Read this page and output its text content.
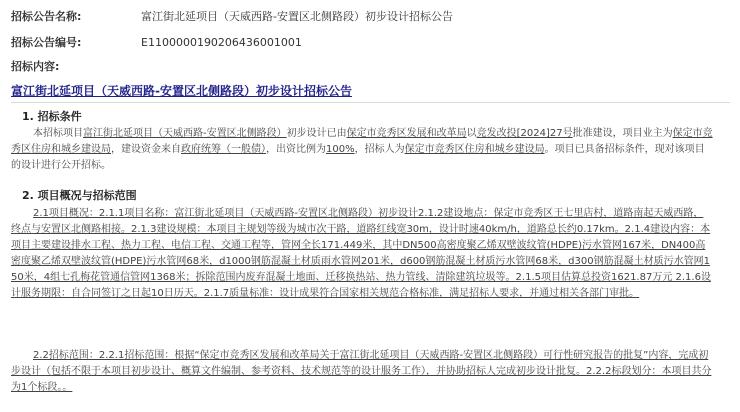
招标公告名称:	富江街北延项目（天威西路-安置区北侧路段）初步设计招标公告
招标公告编号:	E1100000190206436001001
招标内容:
富江街北延项目（天威西路-安置区北侧路段）初步设计招标公告
1. 招标条件

本招标项目富江街北延项目（天威西路-安置区北侧路段）初步设计已由保定市竞秀区发展和改革局以竞发改投[2024]27号批准建设，项目业主为保定市竞秀区住房和城乡建设局，建设资金来自政府统筹（一般债），出资比例为100%，招标人为保定市竞秀区住房和城乡建设局。项目已具备招标条件，现对该项目的设计进行公开招标。

2. 项目概况与招标范围

2.1项目概况：2.1.1项目名称：富江街北延项目（天威西路-安置区北侧路段）初步设计2.1.2建设地点：保定市竞秀区王七里店村，道路南起天威西路，终点与安置区北侧路相接。2.1.3建设规模：本项目主规划等级为城市次干路，道路红线宽30m，设计时速40km/h，道路总长约0.17km。2.1.4建设内容：本项目主要建设排水工程、热力工程、电信工程、交通工程等，管网全长171.449米，其中DN500高密度聚乙烯双壁波纹管(HDPE)污水管网167米，DN400高密度聚乙烯双壁波纹管(HDPE)污水管网68米，d1000钢筋混凝土材质雨水管网201米，d600钢筋混凝土材质污水管网68米，d300钢筋混凝土材质污水管网150米，4组七孔梅花管通信管网1368米；拆除范围内废弃混凝土地面、迁移换热站、热力管线、清除建筑垃圾等。2.1.5项目估算总投资1621.87万元 2.1.6设计服务期限：自合同签订之日起10日历天。2.1.7质量标准：设计成果符合国家相关规范合格标准，满足招标人要求，并通过相关各部门审批。

2.2招标范围：2.2.1招标范围：根据“保定市竞秀区发展和改革局关于富江街北延项目（天威西路-安置区北侧路段）可行性研究报告的批复”内容，完成初步设计（包括不限于本项目初步设计、概算文件编制、参考资料、技术规范等的设计服务工作），并协助招标人完成初步设计批复。2.2.2标段划分：本项目共分为1个标段。。
